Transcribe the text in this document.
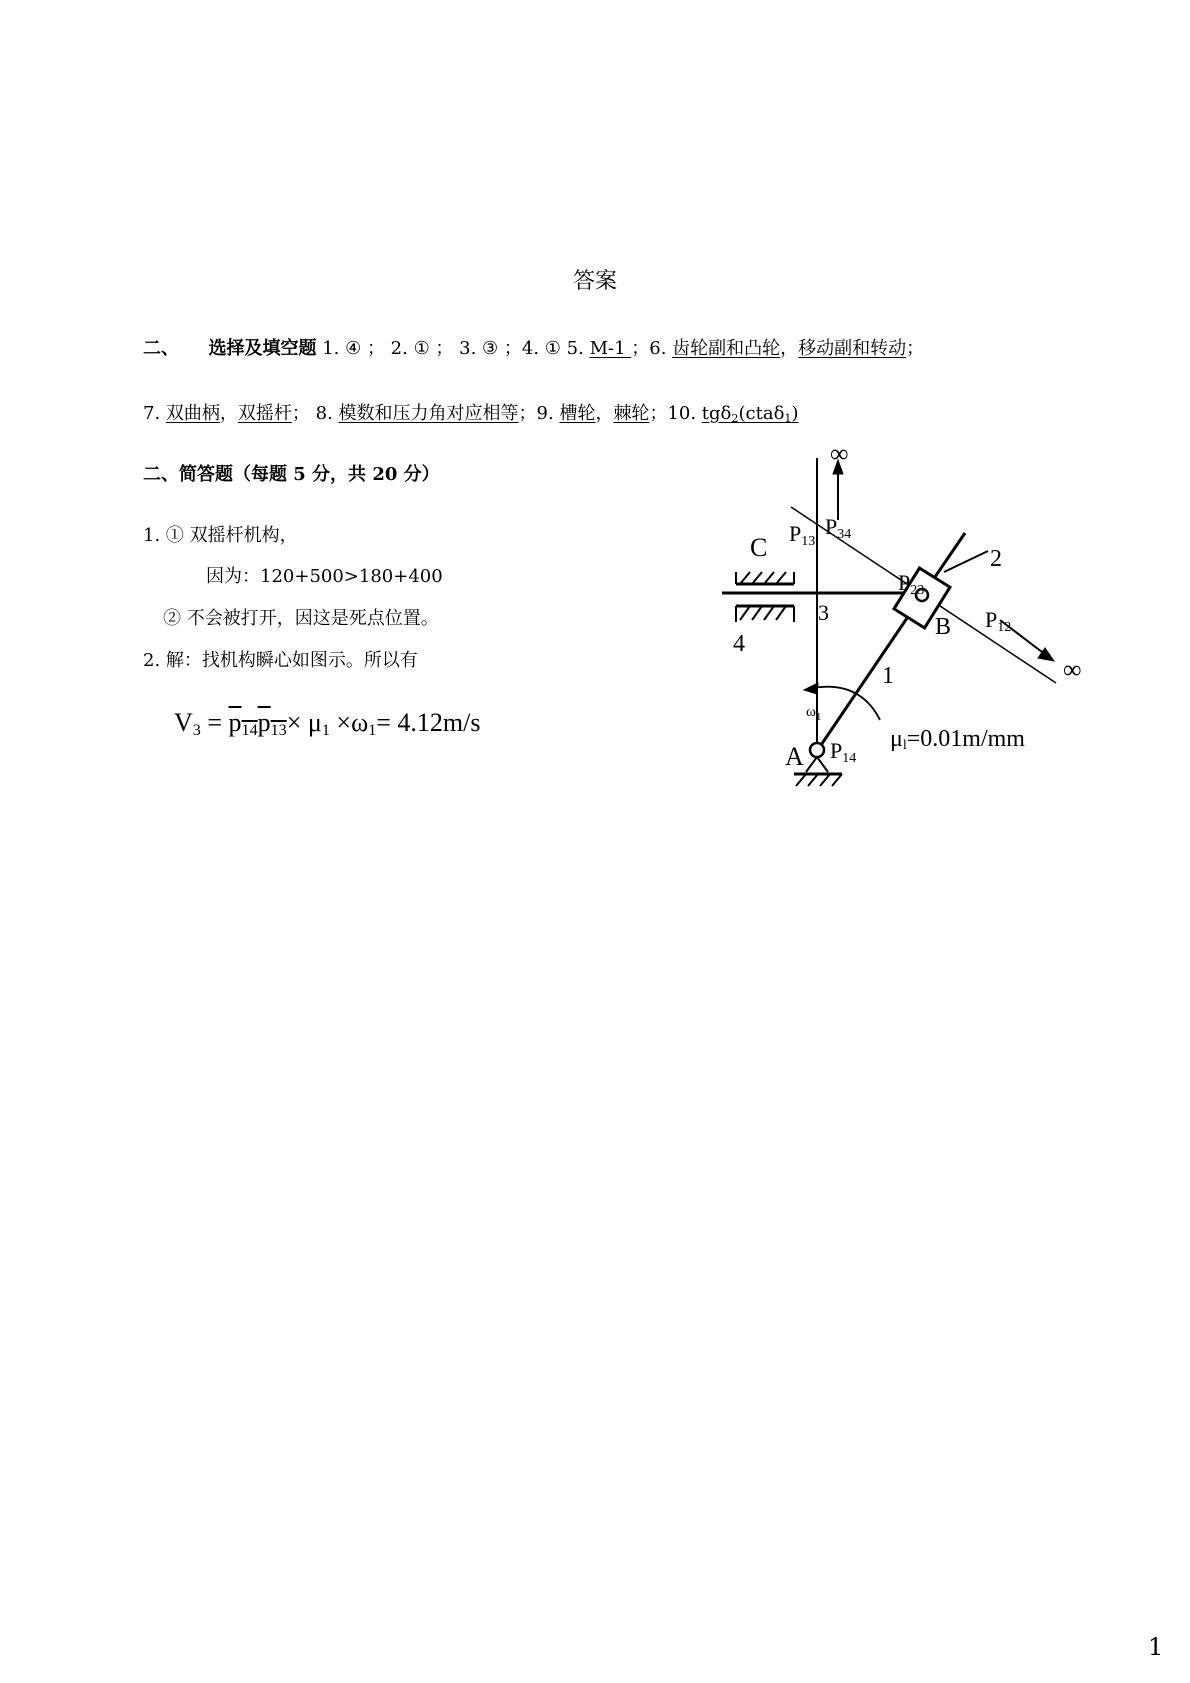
答案
二、 选择及填空题 1. ④ ； 2. ① ； 3. ③ ；4. ① 5. M-1 ；6. 齿轮副和凸轮，移动副和转动；
7. 双曲柄，双摇杆； 8. 模数和压力角对应相等；9. 槽轮，棘轮；10. tgδ$_2$(ctaδ$_1$)
二、简答题（每题 5 分，共 20 分）
1. ① 双摇杆机构，
因为：120+500>180+400
② 不会被打开，因这是死点位置。
2. 解：找机构瞬心如图示。所以有
$V_3 = p_{14}p_{13}\times \mu_1 \times\omega_1= 4.12m/s$
∞
∞
C P13
P34
P23
2
3
4
B P12
1
$\omega_1$
A P14
μl=0.01m/mm
1
